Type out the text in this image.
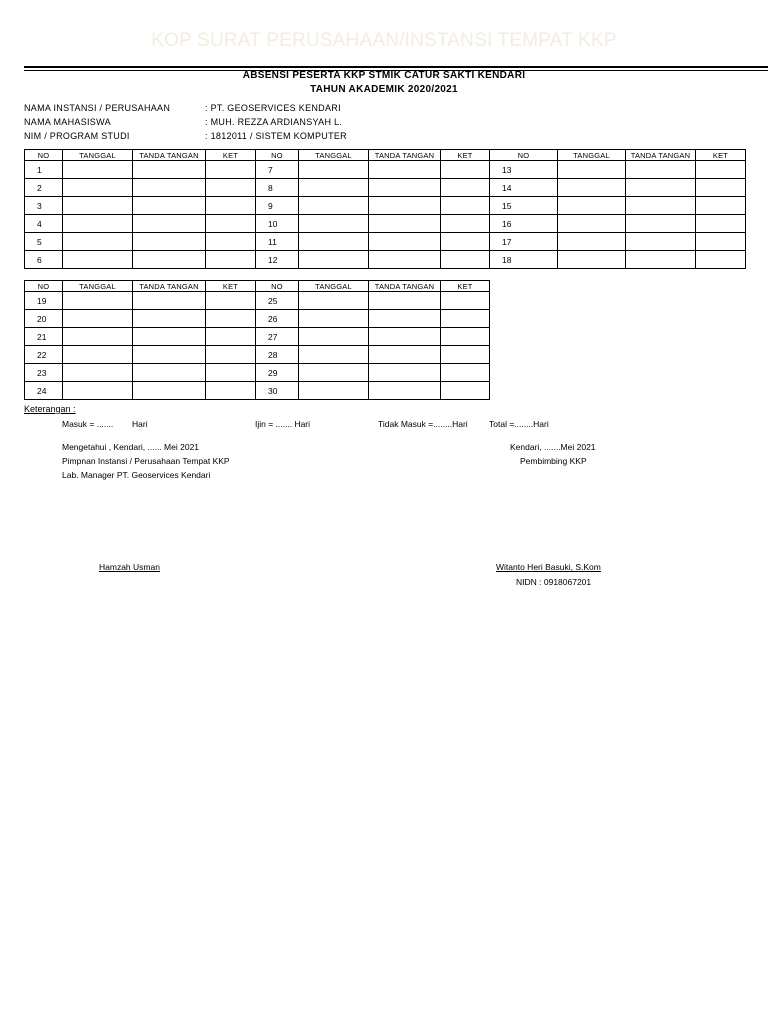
KOP SURAT PERUSAHAAN/INSTANSI TEMPAT KKP
ABSENSI PESERTA KKP STMIK CATUR SAKTI KENDARI
TAHUN AKADEMIK 2020/2021
NAMA INSTANSI / PERUSAHAAN	: PT. GEOSERVICES KENDARI
NAMA MAHASISWA	: MUH. REZZA ARDIANSYAH L.
NIM / PROGRAM STUDI	: 1812011 / SISTEM KOMPUTER
NO	TANGGAL	TANDA TANGAN	KET	NO	TANGGAL	TANDA TANGAN	KET	NO	TANGGAL	TANDA TANGAN	KET
1				7				13			
2				8				14			
3				9				15			
4				10				16			
5				11				17			
6				12				18			
NO	TANGGAL	TANDA TANGAN	KET	NO	TANGGAL	TANDA TANGAN	KET
19				25			
20				26			
21				27			
22				28			
23				29			
24				30			
Keterangan :
Masuk = ....... Hari	Ijin = ....... Hari	Tidak Masuk =........Hari	Total =........Hari
Mengetahui , Kendari, ...... Mei 2021
Pimpnan Instansi / Perusahaan Tempat KKP
Lab. Manager PT. Geoservices Kendari
Hamzah Usman
Kendari, .......Mei 2021
Pembimbing KKP
Witanto Heri Basuki, S.Kom
NIDN : 0918067201
